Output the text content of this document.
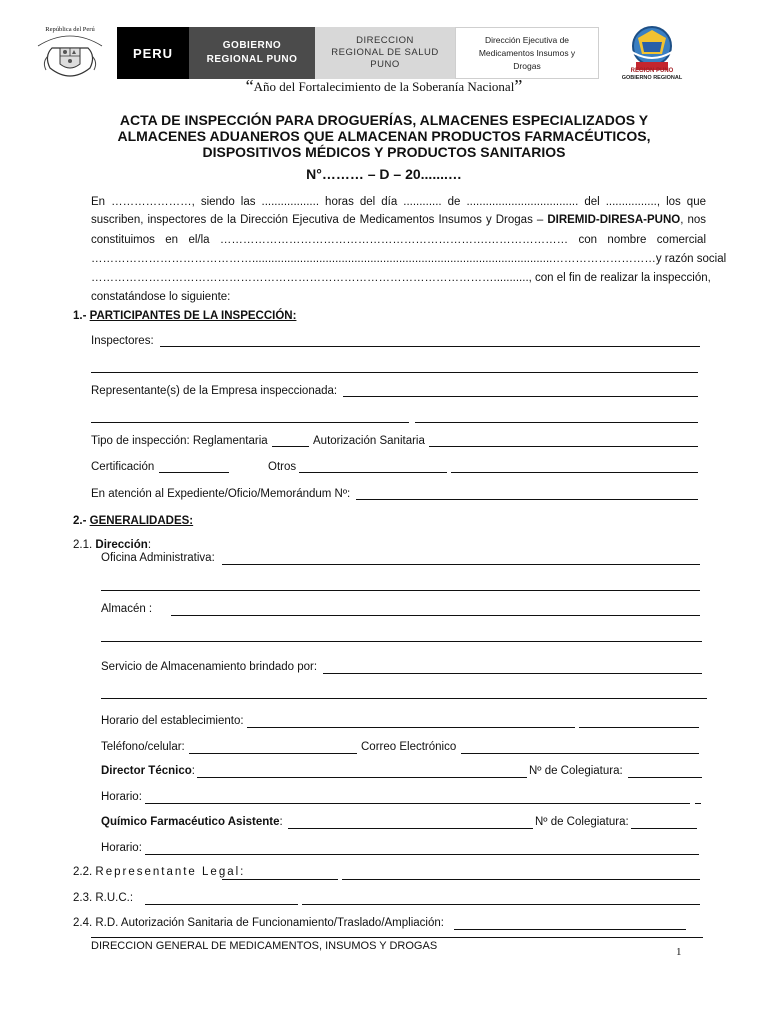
República del Perú
PERU	GOBIERNO
REGIONAL PUNO
DIRECCION
REGIONAL DE SALUD
PUNO
Dirección Ejecutiva de
Medicamentos Insumos y
Drogas
REGION PUNO
GOBIERNO REGIONAL
“Año del Fortalecimiento de la Soberanía Nacional”
ACTA DE INSPECCIÓN PARA DROGUERÍAS, ALMACENES ESPECIALIZADOS Y
ALMACENES ADUANEROS QUE ALMACENAN PRODUCTOS FARMACÉUTICOS,
DISPOSITIVOS MÉDICOS Y PRODUCTOS SANITARIOS
N°……… – D – 20.......…
En …………………, siendo las .................. horas del día ............ de ................................... del ................, los que
suscriben, inspectores de la Dirección Ejecutiva de Medicamentos Insumos y Drogas – DIREMID-DIRESA-PUNO, nos
constituimos en el/la …………………………………………………………….………………… con nombre comercial
……………………………………..............................................................................................………………………y razón social
……………………………………………………………………………………………..........., con el fin de realizar la inspección,
constatándose lo siguiente:
1.- PARTICIPANTES DE LA INSPECCIÓN:
Inspectores:
Representante(s) de la Empresa inspeccionada:
Tipo de inspección: Reglamentaria	Autorización Sanitaria
Certificación	Otros
En atención al Expediente/Oficio/Memorándum Nº:
2.- GENERALIDADES:
2.1. Dirección:
Oficina Administrativa:
Almacén :
Servicio de Almacenamiento brindado por:
Horario del establecimiento:
Teléfono/celular:	Correo Electrónico
Director Técnico:	Nº de Colegiatura:
Horario:
Químico Farmacéutico Asistente:	Nº de Colegiatura:
Horario:
2.2. Representante Legal:
2.3. R.U.C.:
2.4. R.D. Autorización Sanitaria de Funcionamiento/Traslado/Ampliación:
DIRECCION GENERAL DE MEDICAMENTOS, INSUMOS Y DROGAS	1
